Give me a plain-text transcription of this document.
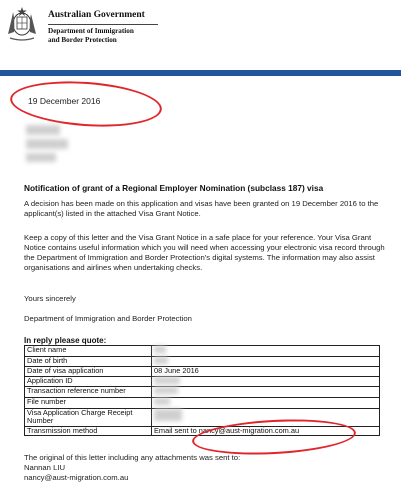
Australian Government
Department of Immigration
and Border Protection
19 December 2016
Notification of grant of a Regional Employer Nomination (subclass 187) visa
A decision has been made on this application and visas have been granted on 19 December 2016 to the applicant(s) listed in the attached Visa Grant Notice.
Keep a copy of this letter and the Visa Grant Notice in a safe place for your reference. Your Visa Grant Notice contains useful information which you will need when accessing your electronic visa record through the Department of Immigration and Border Protection's digital systems. The information may also assist organisations and airlines when undertaking checks.
Yours sincerely
Department of Immigration and Border Protection
In reply please quote:
Client name	
Date of birth	
Date of visa application	08 June 2016
Application ID	
Transaction reference number	
File number	
Visa Application Charge Receipt Number	
Transmission method	Email sent to nancy@aust-migration.com.au
The original of this letter including any attachments was sent to:
Nannan LIU
nancy@aust-migration.com.au
